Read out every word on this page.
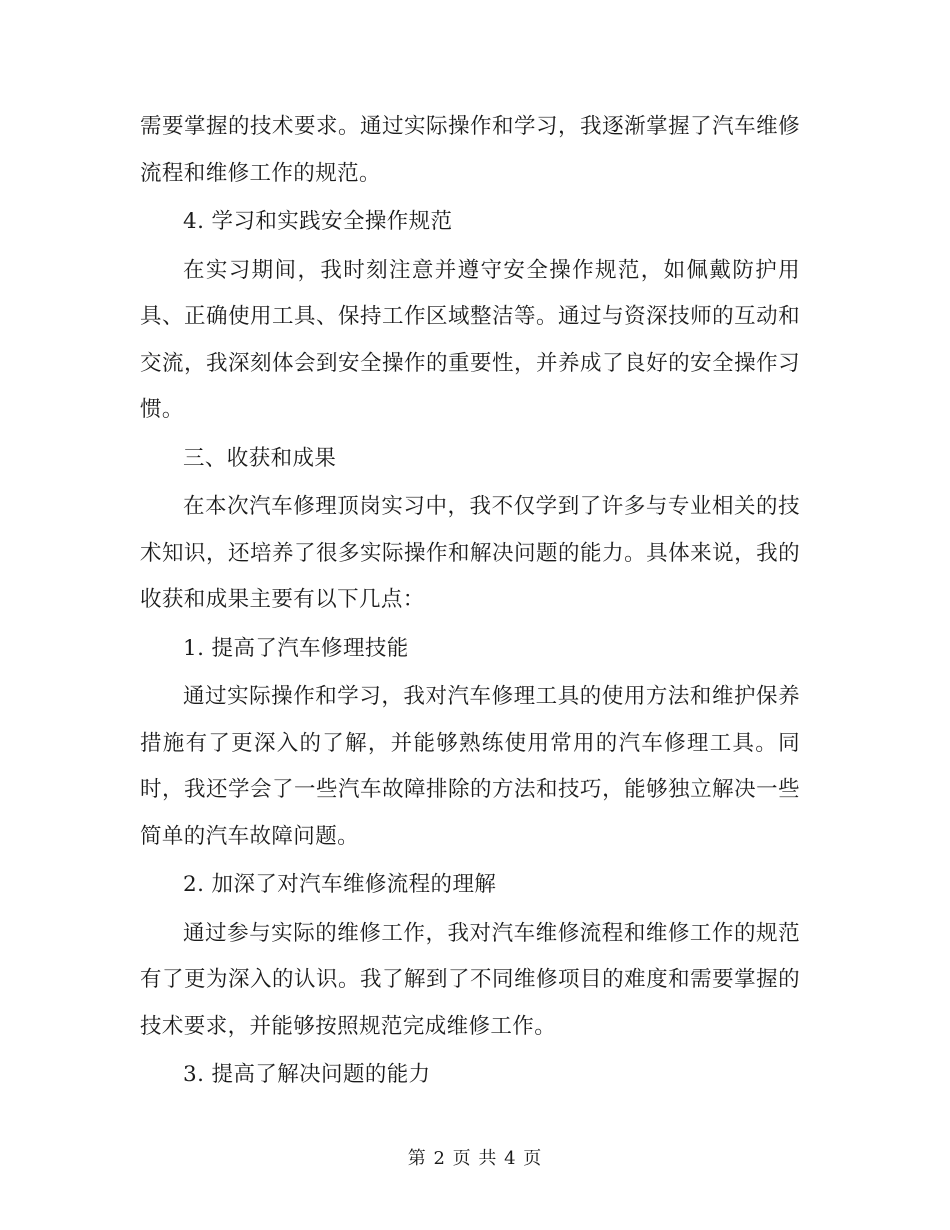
需要掌握的技术要求。通过实际操作和学习，我逐渐掌握了汽车维修流程和维修工作的规范。

4. 学习和实践安全操作规范

在实习期间，我时刻注意并遵守安全操作规范，如佩戴防护用具、正确使用工具、保持工作区域整洁等。通过与资深技师的互动和交流，我深刻体会到安全操作的重要性，并养成了良好的安全操作习惯。

三、收获和成果

在本次汽车修理顶岗实习中，我不仅学到了许多与专业相关的技术知识，还培养了很多实际操作和解决问题的能力。具体来说，我的收获和成果主要有以下几点：

1. 提高了汽车修理技能

通过实际操作和学习，我对汽车修理工具的使用方法和维护保养措施有了更深入的了解，并能够熟练使用常用的汽车修理工具。同时，我还学会了一些汽车故障排除的方法和技巧，能够独立解决一些简单的汽车故障问题。

2. 加深了对汽车维修流程的理解

通过参与实际的维修工作，我对汽车维修流程和维修工作的规范有了更为深入的认识。我了解到了不同维修项目的难度和需要掌握的技术要求，并能够按照规范完成维修工作。

3. 提高了解决问题的能力

第 2 页 共 4 页
